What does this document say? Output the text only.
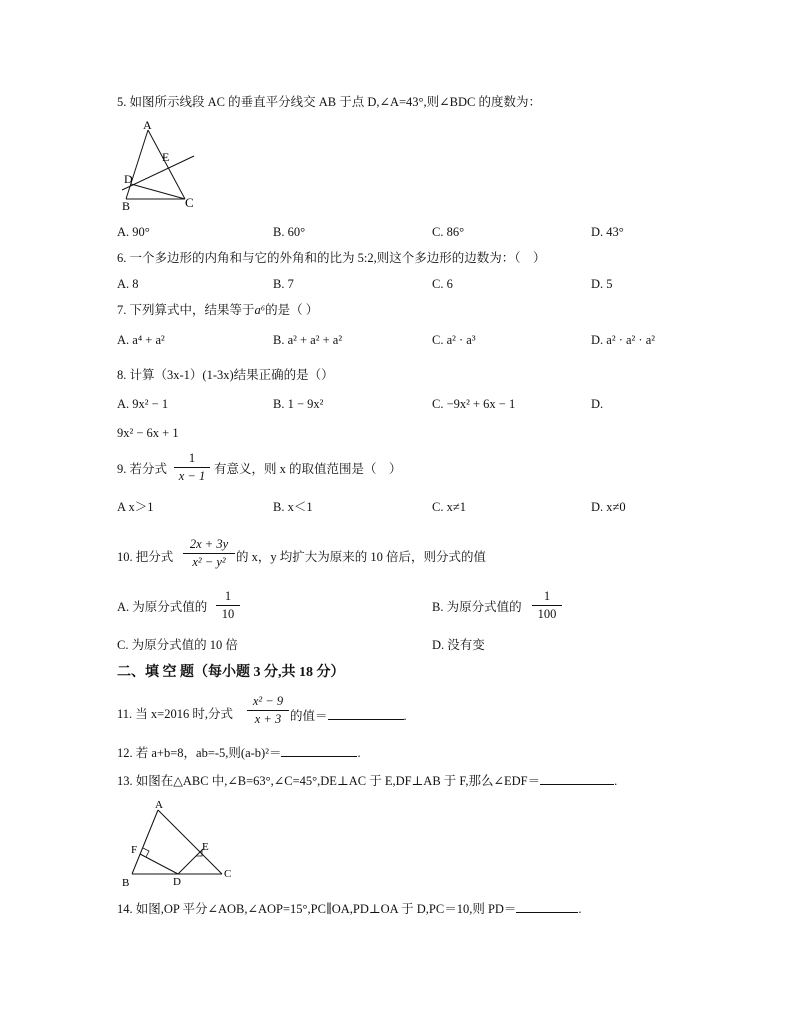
5. 如图所示线段 AC 的垂直平分线交 AB 于点 D,∠A=43°,则∠BDC 的度数为：
A
E
D
B	C
A. 90°	B. 60°	C. 86°	D. 43°
6. 一个多边形的内角和与它的外角和的比为 5:2,则这个多边形的边数为：（　）
A. 8	B. 7	C. 6	D. 5
7. 下列算式中，结果等于a⁶的是（ ）
A. a⁴ + a²	B. a² + a² + a²	C. a² · a³	D. a² · a² · a²
8. 计算（3x-1）(1-3x)结果正确的是（）
A. 9x² − 1	B. 1 − 9x²	C. −9x² + 6x − 1	D.
9x² − 6x + 1
9. 若分式
1
x − 1 有意义，则 x 的取值范围是（　）
A x＞1	B. x＜1	C. x≠1	D. x≠0
10. 把分式
2x + 3y
x² − y² 的 x，y 均扩大为原来的 10 倍后，则分式的值
A. 为原分式值的
1
10	B. 为原分式值的
1
100
C. 为原分式值的 10 倍	D. 没有变
二、填 空 题（每小题 3 分,共 18 分）
11. 当 x=2016 时,分式
x² − 9
x + 3 的值＝	.
12. 若 a+b=8，ab=-5,则(a-b)²＝	.
13. 如图在△ABC 中,∠B=63°,∠C=45°,DE⊥AC 于 E,DF⊥AB 于 F,那么∠EDF＝	.
A
F	E
B	D
C
14. 如图,OP 平分∠AOB,∠AOP=15°,PC∥OA,PD⊥OA 于 D,PC＝10,则 PD＝	.
